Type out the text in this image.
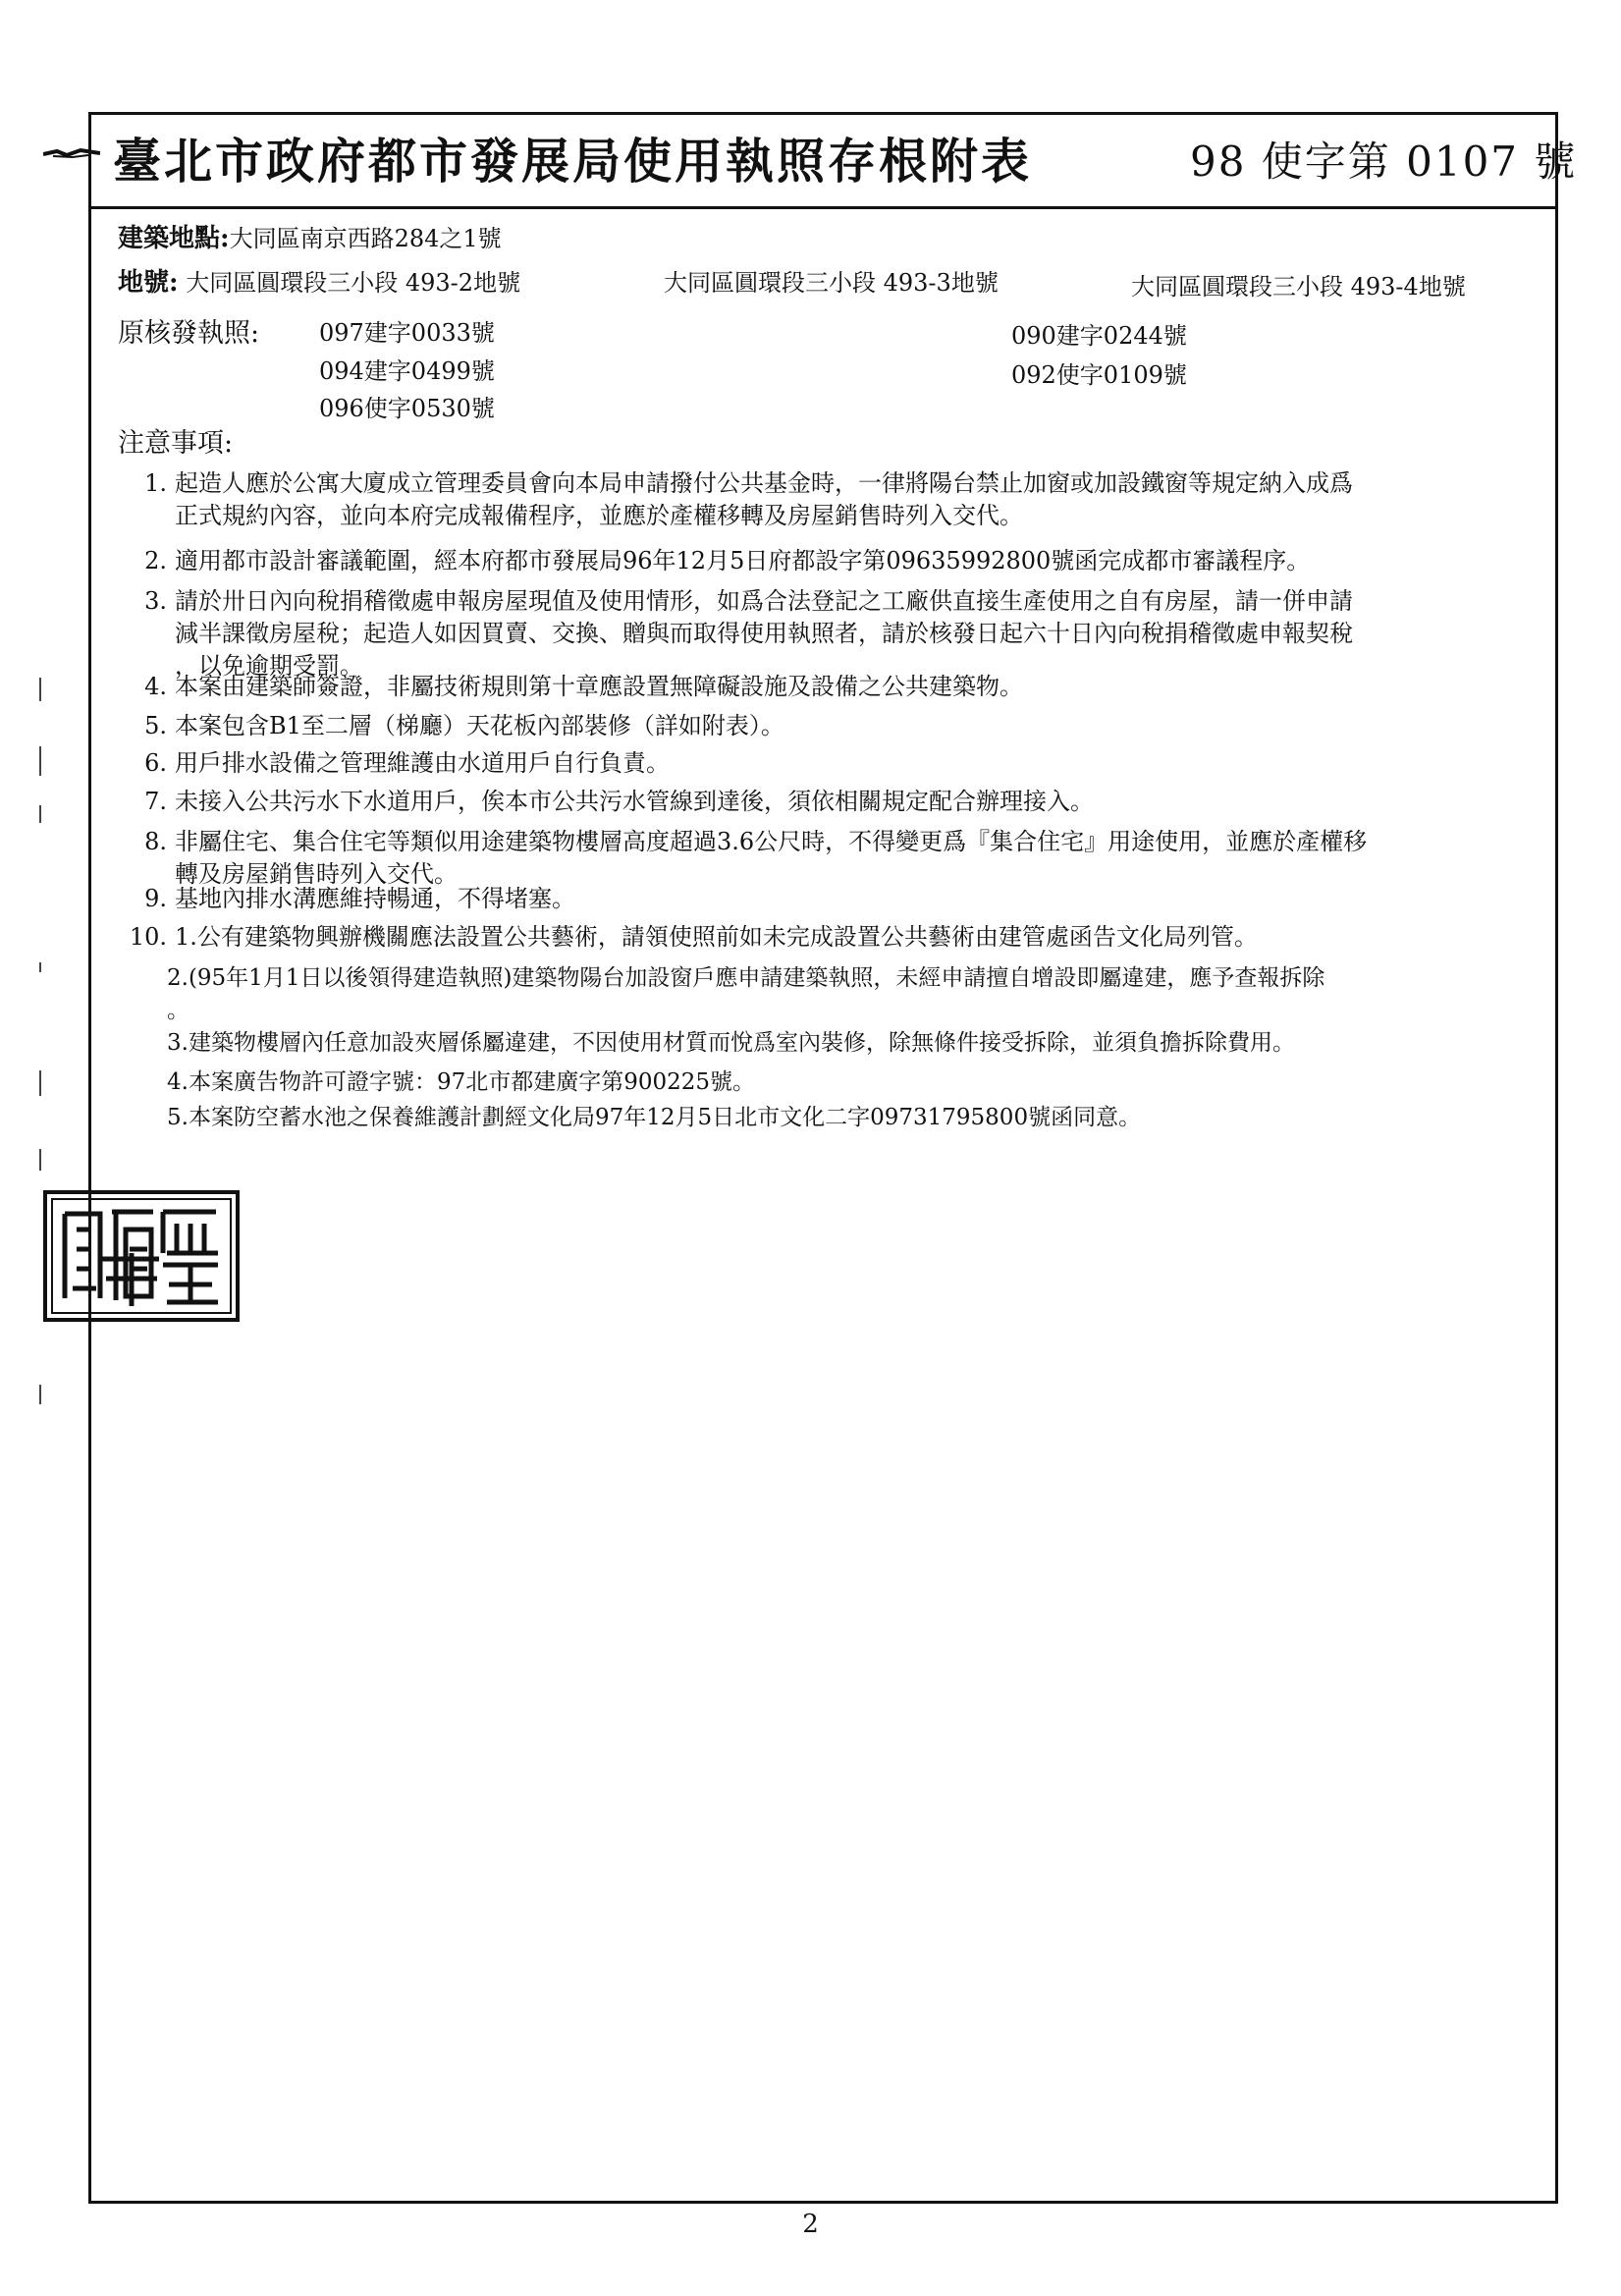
臺北市政府都市發展局使用執照存根附表	98 使字第 0107 號
建築地點:大同區南京西路284之1號
地號: 大同區圓環段三小段 493-2地號	大同區圓環段三小段 493-3地號	大同區圓環段三小段 493-4地號
原核發執照:	097建字0033號	090建字0244號
094建字0499號	092使字0109號
096使字0530號
注意事項:
1. 起造人應於公寓大廈成立管理委員會向本局申請撥付公共基金時，一律將陽台禁止加窗或加設鐵窗等規定納入成爲
正式規約內容，並向本府完成報備程序，並應於產權移轉及房屋銷售時列入交代。
2. 適用都市設計審議範圍，經本府都市發展局96年12月5日府都設字第09635992800號函完成都市審議程序。
3. 請於卅日內向稅捐稽徵處申報房屋現值及使用情形，如爲合法登記之工廠供直接生產使用之自有房屋，請一併申請
減半課徵房屋稅；起造人如因買賣、交換、贈與而取得使用執照者，請於核發日起六十日內向稅捐稽徵處申報契稅
，以免逾期受罰。
4. 本案由建築師簽證，非屬技術規則第十章應設置無障礙設施及設備之公共建築物。
5. 本案包含B1至二層（梯廳）天花板內部裝修（詳如附表）。
6. 用戶排水設備之管理維護由水道用戶自行負責。
7. 未接入公共污水下水道用戶，俟本市公共污水管線到達後，須依相關規定配合辦理接入。
8. 非屬住宅、集合住宅等類似用途建築物樓層高度超過3.6公尺時，不得變更爲『集合住宅』用途使用，並應於產權移
轉及房屋銷售時列入交代。
9. 基地內排水溝應維持暢通，不得堵塞。
10. 1.公有建築物興辦機關應法設置公共藝術，請領使照前如未完成設置公共藝術由建管處函告文化局列管。
2.(95年1月1日以後領得建造執照)建築物陽台加設窗戶應申請建築執照，未經申請擅自增設即屬違建，應予查報拆除
。
3.建築物樓層內任意加設夾層係屬違建，不因使用材質而悅爲室內裝修，除無條件接受拆除，並須負擔拆除費用。
4.本案廣告物許可證字號：97北市都建廣字第900225號。
5.本案防空蓄水池之保養維護計劃經文化局97年12月5日北市文化二字09731795800號函同意。
2
